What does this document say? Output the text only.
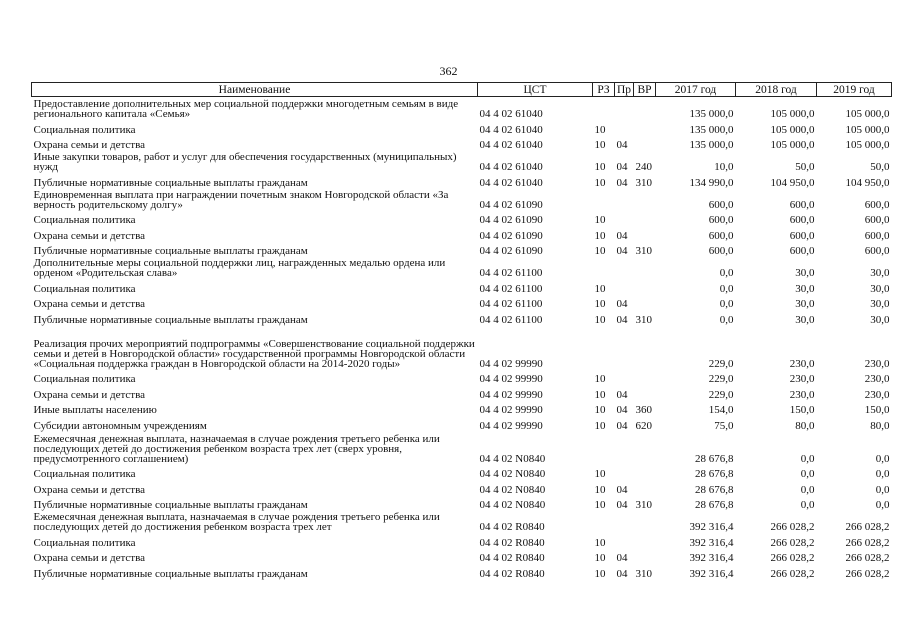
362
Наименование	ЦСТ	РЗ	Пр	ВР	2017 год	2018 год	2019 год
Предоставление дополнительных мер социальной поддержки многодетным семьям в виде регионального капитала «Семья»	04 4 02 61040				135 000,0	105 000,0	105 000,0
Социальная политика	04 4 02 61040	10			135 000,0	105 000,0	105 000,0
Охрана семьи и детства	04 4 02 61040	10	04		135 000,0	105 000,0	105 000,0
Иные закупки товаров, работ и услуг для обеспечения государственных (муниципальных) нужд	04 4 02 61040	10	04	240	10,0	50,0	50,0
Публичные нормативные социальные выплаты гражданам	04 4 02 61040	10	04	310	134 990,0	104 950,0	104 950,0
Единовременная выплата при награждении почетным знаком Новгородской области «За верность родительскому долгу»	04 4 02 61090				600,0	600,0	600,0
Социальная политика	04 4 02 61090	10			600,0	600,0	600,0
Охрана семьи и детства	04 4 02 61090	10	04		600,0	600,0	600,0
Публичные нормативные социальные выплаты гражданам	04 4 02 61090	10	04	310	600,0	600,0	600,0
Дополнительные меры социальной поддержки лиц, награжденных медалью ордена или орденом «Родительская слава»	04 4 02 61100				0,0	30,0	30,0
Социальная политика	04 4 02 61100	10			0,0	30,0	30,0
Охрана семьи и детства	04 4 02 61100	10	04		0,0	30,0	30,0
Публичные нормативные социальные выплаты гражданам	04 4 02 61100	10	04	310	0,0	30,0	30,0
Реализация прочих мероприятий подпрограммы «Совершенствование социальной поддержки семьи и детей в Новгородской области» государственной программы Новгородской области «Социальная поддержка граждан в Новгородской области на 2014-2020 годы»	04 4 02 99990				229,0	230,0	230,0
Социальная политика	04 4 02 99990	10			229,0	230,0	230,0
Охрана семьи и детства	04 4 02 99990	10	04		229,0	230,0	230,0
Иные выплаты населению	04 4 02 99990	10	04	360	154,0	150,0	150,0
Субсидии автономным учреждениям	04 4 02 99990	10	04	620	75,0	80,0	80,0
Ежемесячная денежная выплата, назначаемая в случае рождения третьего ребенка или последующих детей до достижения ребенком возраста трех лет (сверх уровня, предусмотренного соглашением)	04 4 02 N0840				28 676,8	0,0	0,0
Социальная политика	04 4 02 N0840	10			28 676,8	0,0	0,0
Охрана семьи и детства	04 4 02 N0840	10	04		28 676,8	0,0	0,0
Публичные нормативные социальные выплаты гражданам	04 4 02 N0840	10	04	310	28 676,8	0,0	0,0
Ежемесячная денежная выплата, назначаемая в случае рождения третьего ребенка или последующих детей до достижения ребенком возраста трех лет	04 4 02 R0840				392 316,4	266 028,2	266 028,2
Социальная политика	04 4 02 R0840	10			392 316,4	266 028,2	266 028,2
Охрана семьи и детства	04 4 02 R0840	10	04		392 316,4	266 028,2	266 028,2
Публичные нормативные социальные выплаты гражданам	04 4 02 R0840	10	04	310	392 316,4	266 028,2	266 028,2
